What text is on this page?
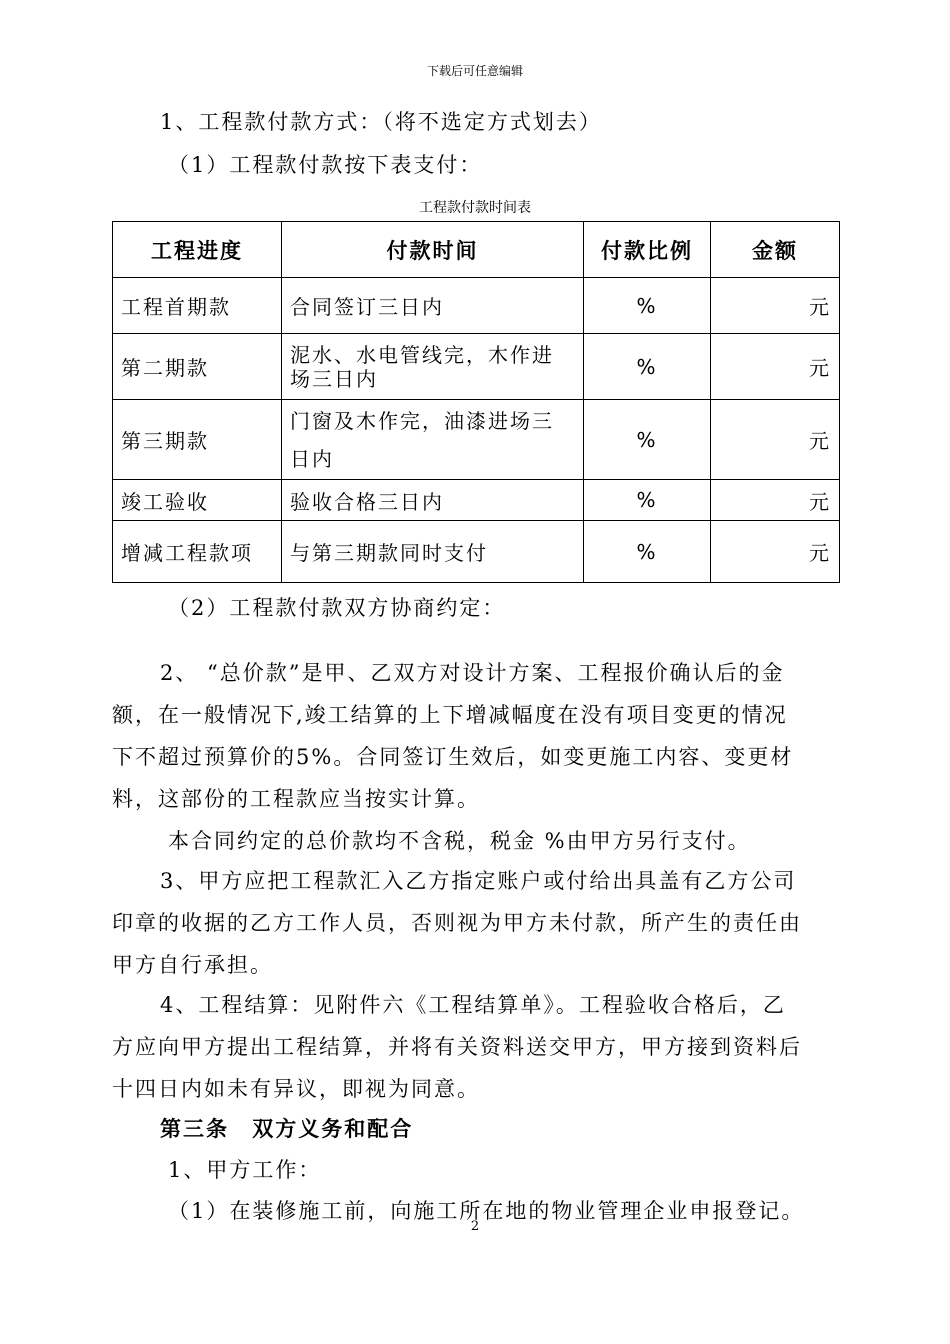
下载后可任意编辑
1、工程款付款方式：（将不选定方式划去）
（1）工程款付款按下表支付：
工程款付款时间表
工程进度	付款时间	付款比例	金额
工程首期款	合同签订三日内	%	元
第二期款	泥水、水电管线完，木作进场三日内	%	元
第三期款	门窗及木作完，油漆进场三日内	%	元
竣工验收	验收合格三日内	%	元
增减工程款项	与第三期款同时支付	%	元
（2）工程款付款双方协商约定：
2、 “总价款”是甲、乙双方对设计方案、工程报价确认后的金
额，在一般情况下,竣工结算的上下增减幅度在没有项目变更的情况
下不超过预算价的5%。合同签订生效后，如变更施工内容、变更材
料，这部份的工程款应当按实计算。
本合同约定的总价款均不含税，税金 %由甲方另行支付。
3、甲方应把工程款汇入乙方指定账户或付给出具盖有乙方公司
印章的收据的乙方工作人员，否则视为甲方未付款，所产生的责任由
甲方自行承担。
4、工程结算：见附件六《工程结算单》。工程验收合格后，乙
方应向甲方提出工程结算，并将有关资料送交甲方，甲方接到资料后
十四日内如未有异议，即视为同意。
第三条 双方义务和配合
1、甲方工作：
（1）在装修施工前，向施工所在地的物业管理企业申报登记。
2
